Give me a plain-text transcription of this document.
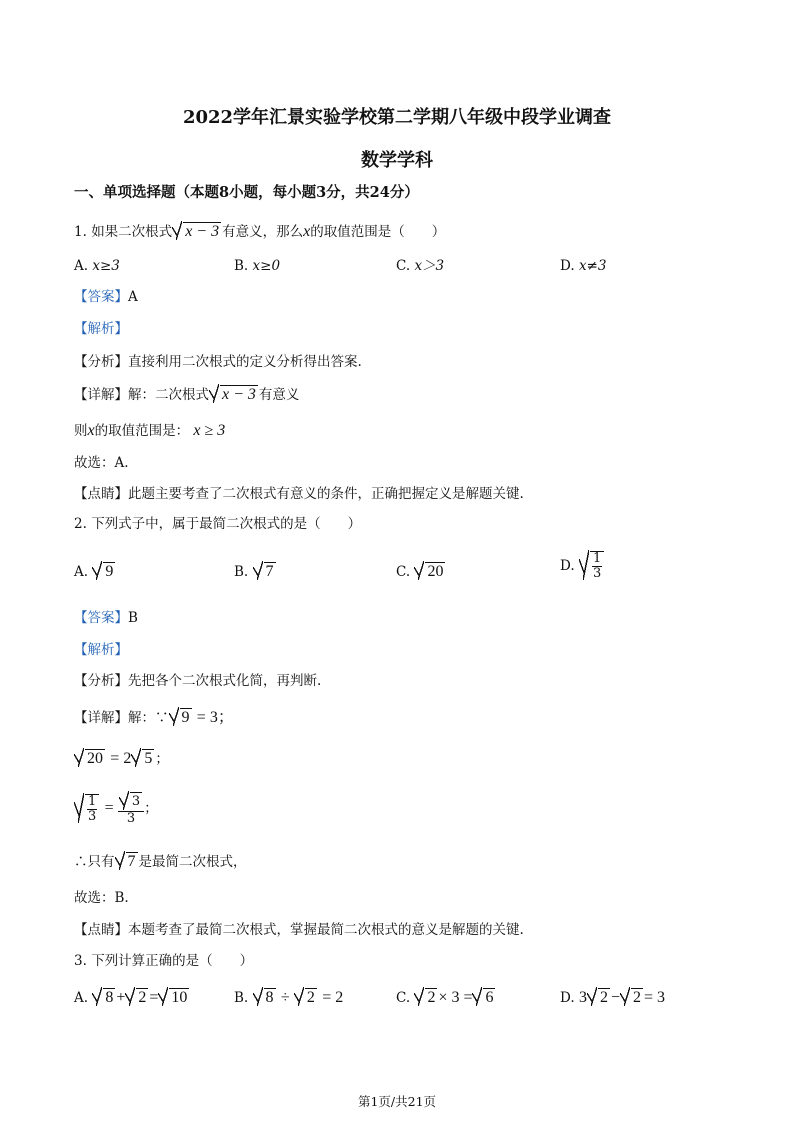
2022学年汇景实验学校第二学期八年级中段学业调查
数学学科
一、单项选择题（本题8小题，每小题3分，共24分）
1. 如果二次根式 x − 3 有意义，那么x的取值范围是（　　）
A. x≥3	B. x≥0	C. x＞3	D. x≠3
【答案】A
【解析】
【分析】直接利用二次根式的定义分析得出答案.
【详解】解：二次根式 x − 3 有意义
则x的取值范围是： x ≥ 3
故选：A.
【点睛】此题主要考查了二次根式有意义的条件，正确把握定义是解题关键.
2. 下列式子中，属于最简二次根式的是（　　）
A. 9	B. 7	C. 20	D. $\frac{1}{3}$
【答案】B
【解析】
【分析】先把各个二次根式化简，再判断.
【详解】解：∵ 9 = 3；
20 = 2 5 ；
$\frac{1}{3} = \frac{3}{3}$ ；
∴只有 7 是最简二次根式，
故选：B.
【点睛】本题考查了最简二次根式，掌握最简二次根式的意义是解题的关键.
3. 下列计算正确的是（　　）
A. 8 + 2 = 10	B. 8 ÷ 2 = 2	C. 2 × 3 = 6	D. 3 2 − 2 = 3
第1页/共21页
